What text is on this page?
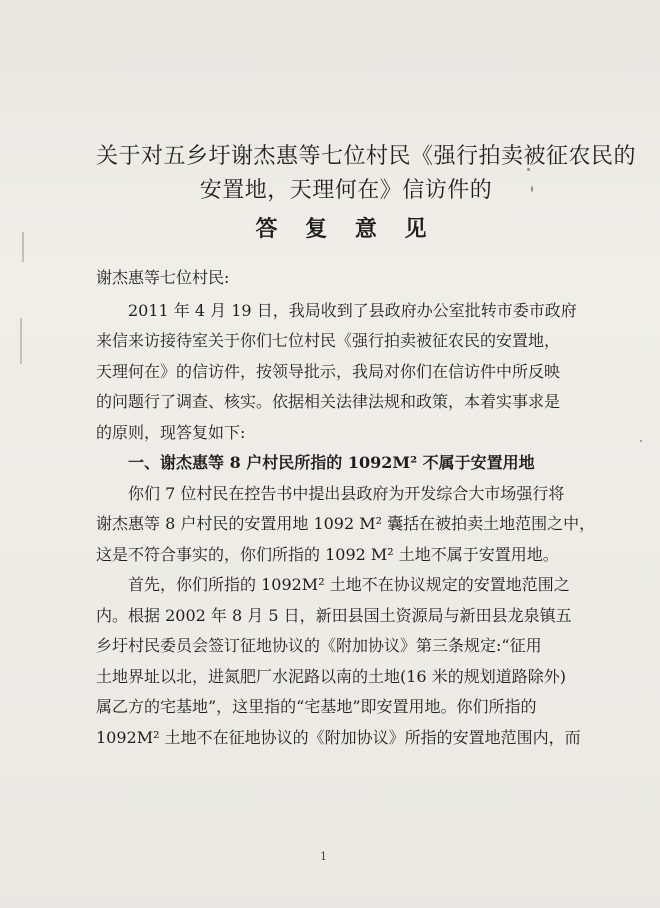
关于对五乡圩谢杰惠等七位村民《强行拍卖被征农民的
安置地，天理何在》信访件的
答 复 意 见

谢杰惠等七位村民:

2011 年 4 月 19 日，我局收到了县政府办公室批转市委市政府
来信来访接待室关于你们七位村民《强行拍卖被征农民的安置地，
天理何在》的信访件，按领导批示，我局对你们在信访件中所反映
的问题行了调查、核实。依据相关法律法规和政策，本着实事求是
的原则，现答复如下:

一、谢杰惠等 8 户村民所指的 1092M² 不属于安置用地

你们 7 位村民在控告书中提出县政府为开发综合大市场强行将
谢杰惠等 8 户村民的安置用地 1092 M² 囊括在被拍卖土地范围之中，
这是不符合事实的，你们所指的 1092 M² 土地不属于安置用地。

首先，你们所指的 1092M² 土地不在协议规定的安置地范围之
内。根据 2002 年 8 月 5 日，新田县国土资源局与新田县龙泉镇五
乡圩村民委员会签订征地协议的《附加协议》第三条规定:“征用
土地界址以北，进氮肥厂水泥路以南的土地(16 米的规划道路除外)
属乙方的宅基地”，这里指的“宅基地”即安置用地。你们所指的
1092M² 土地不在征地协议的《附加协议》所指的安置地范围内，而

1
